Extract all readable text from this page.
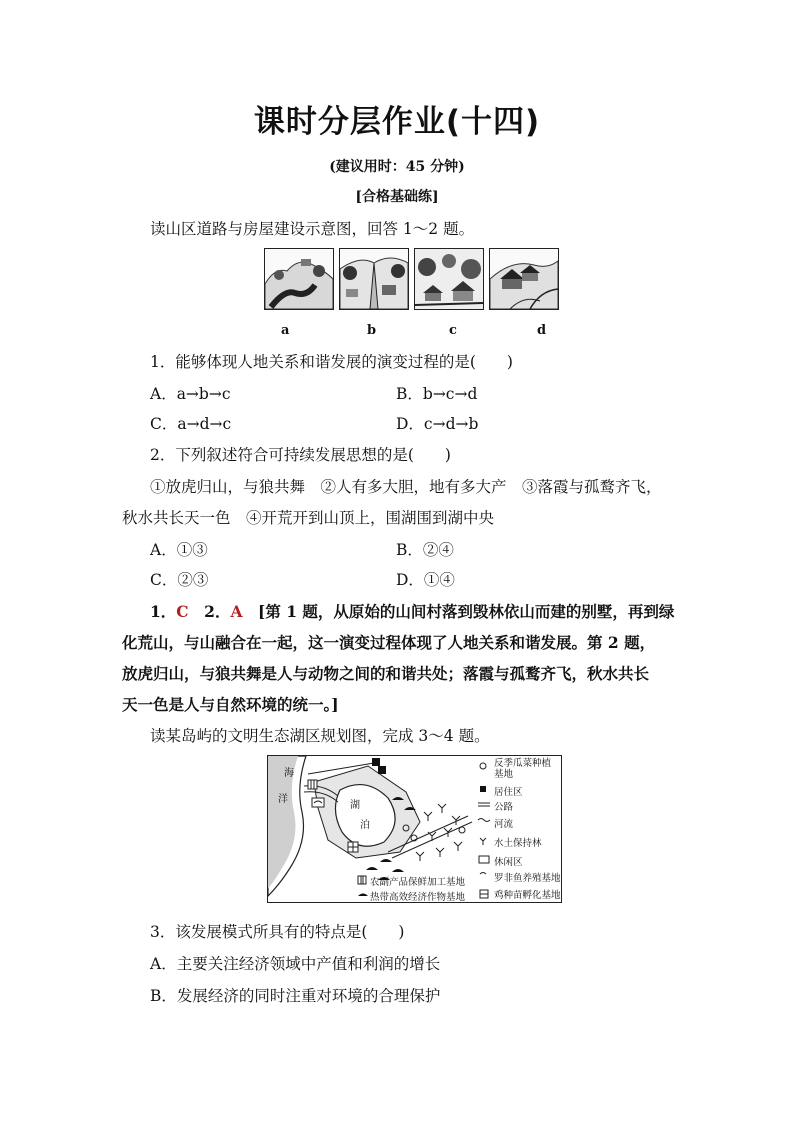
课时分层作业(十四)
(建议用时：45 分钟)
[合格基础练]
读山区道路与房屋建设示意图，回答 1～2 题。
a	b	c	d
1．能够体现人地关系和谐发展的演变过程的是(　　)
A．a→b→c	B．b→c→d
C．a→d→c	D．c→d→b
2．下列叙述符合可持续发展思想的是(　　)
①放虎归山，与狼共舞　②人有多大胆，地有多大产　③落霞与孤鹜齐飞，
秋水共长天一色　④开荒开到山顶上，围湖围到湖中央
A．①③	B．②④
C．②③	D．①④
1．C　 2．A　 [第 1 题，从原始的山间村落到毁林依山而建的别墅，再到绿
化荒山，与山融合在一起，这一演变过程体现了人地关系和谐发展。第 2 题，
放虎归山，与狼共舞是人与动物之间的和谐共处；落霞与孤鹜齐飞，秋水共长
天一色是人与自然环境的统一。]
读某岛屿的文明生态湖区规划图，完成 3～4 题。
海
洋
湖
泊
反季瓜菜种植基地
居住区
公路
河流
水土保持林
休闲区
罗非鱼养殖基地
鸡种苗孵化基地
农副产品保鲜加工基地
热带高效经济作物基地
3．该发展模式所具有的特点是(　　)
A．主要关注经济领域中产值和利润的增长
B．发展经济的同时注重对环境的合理保护
